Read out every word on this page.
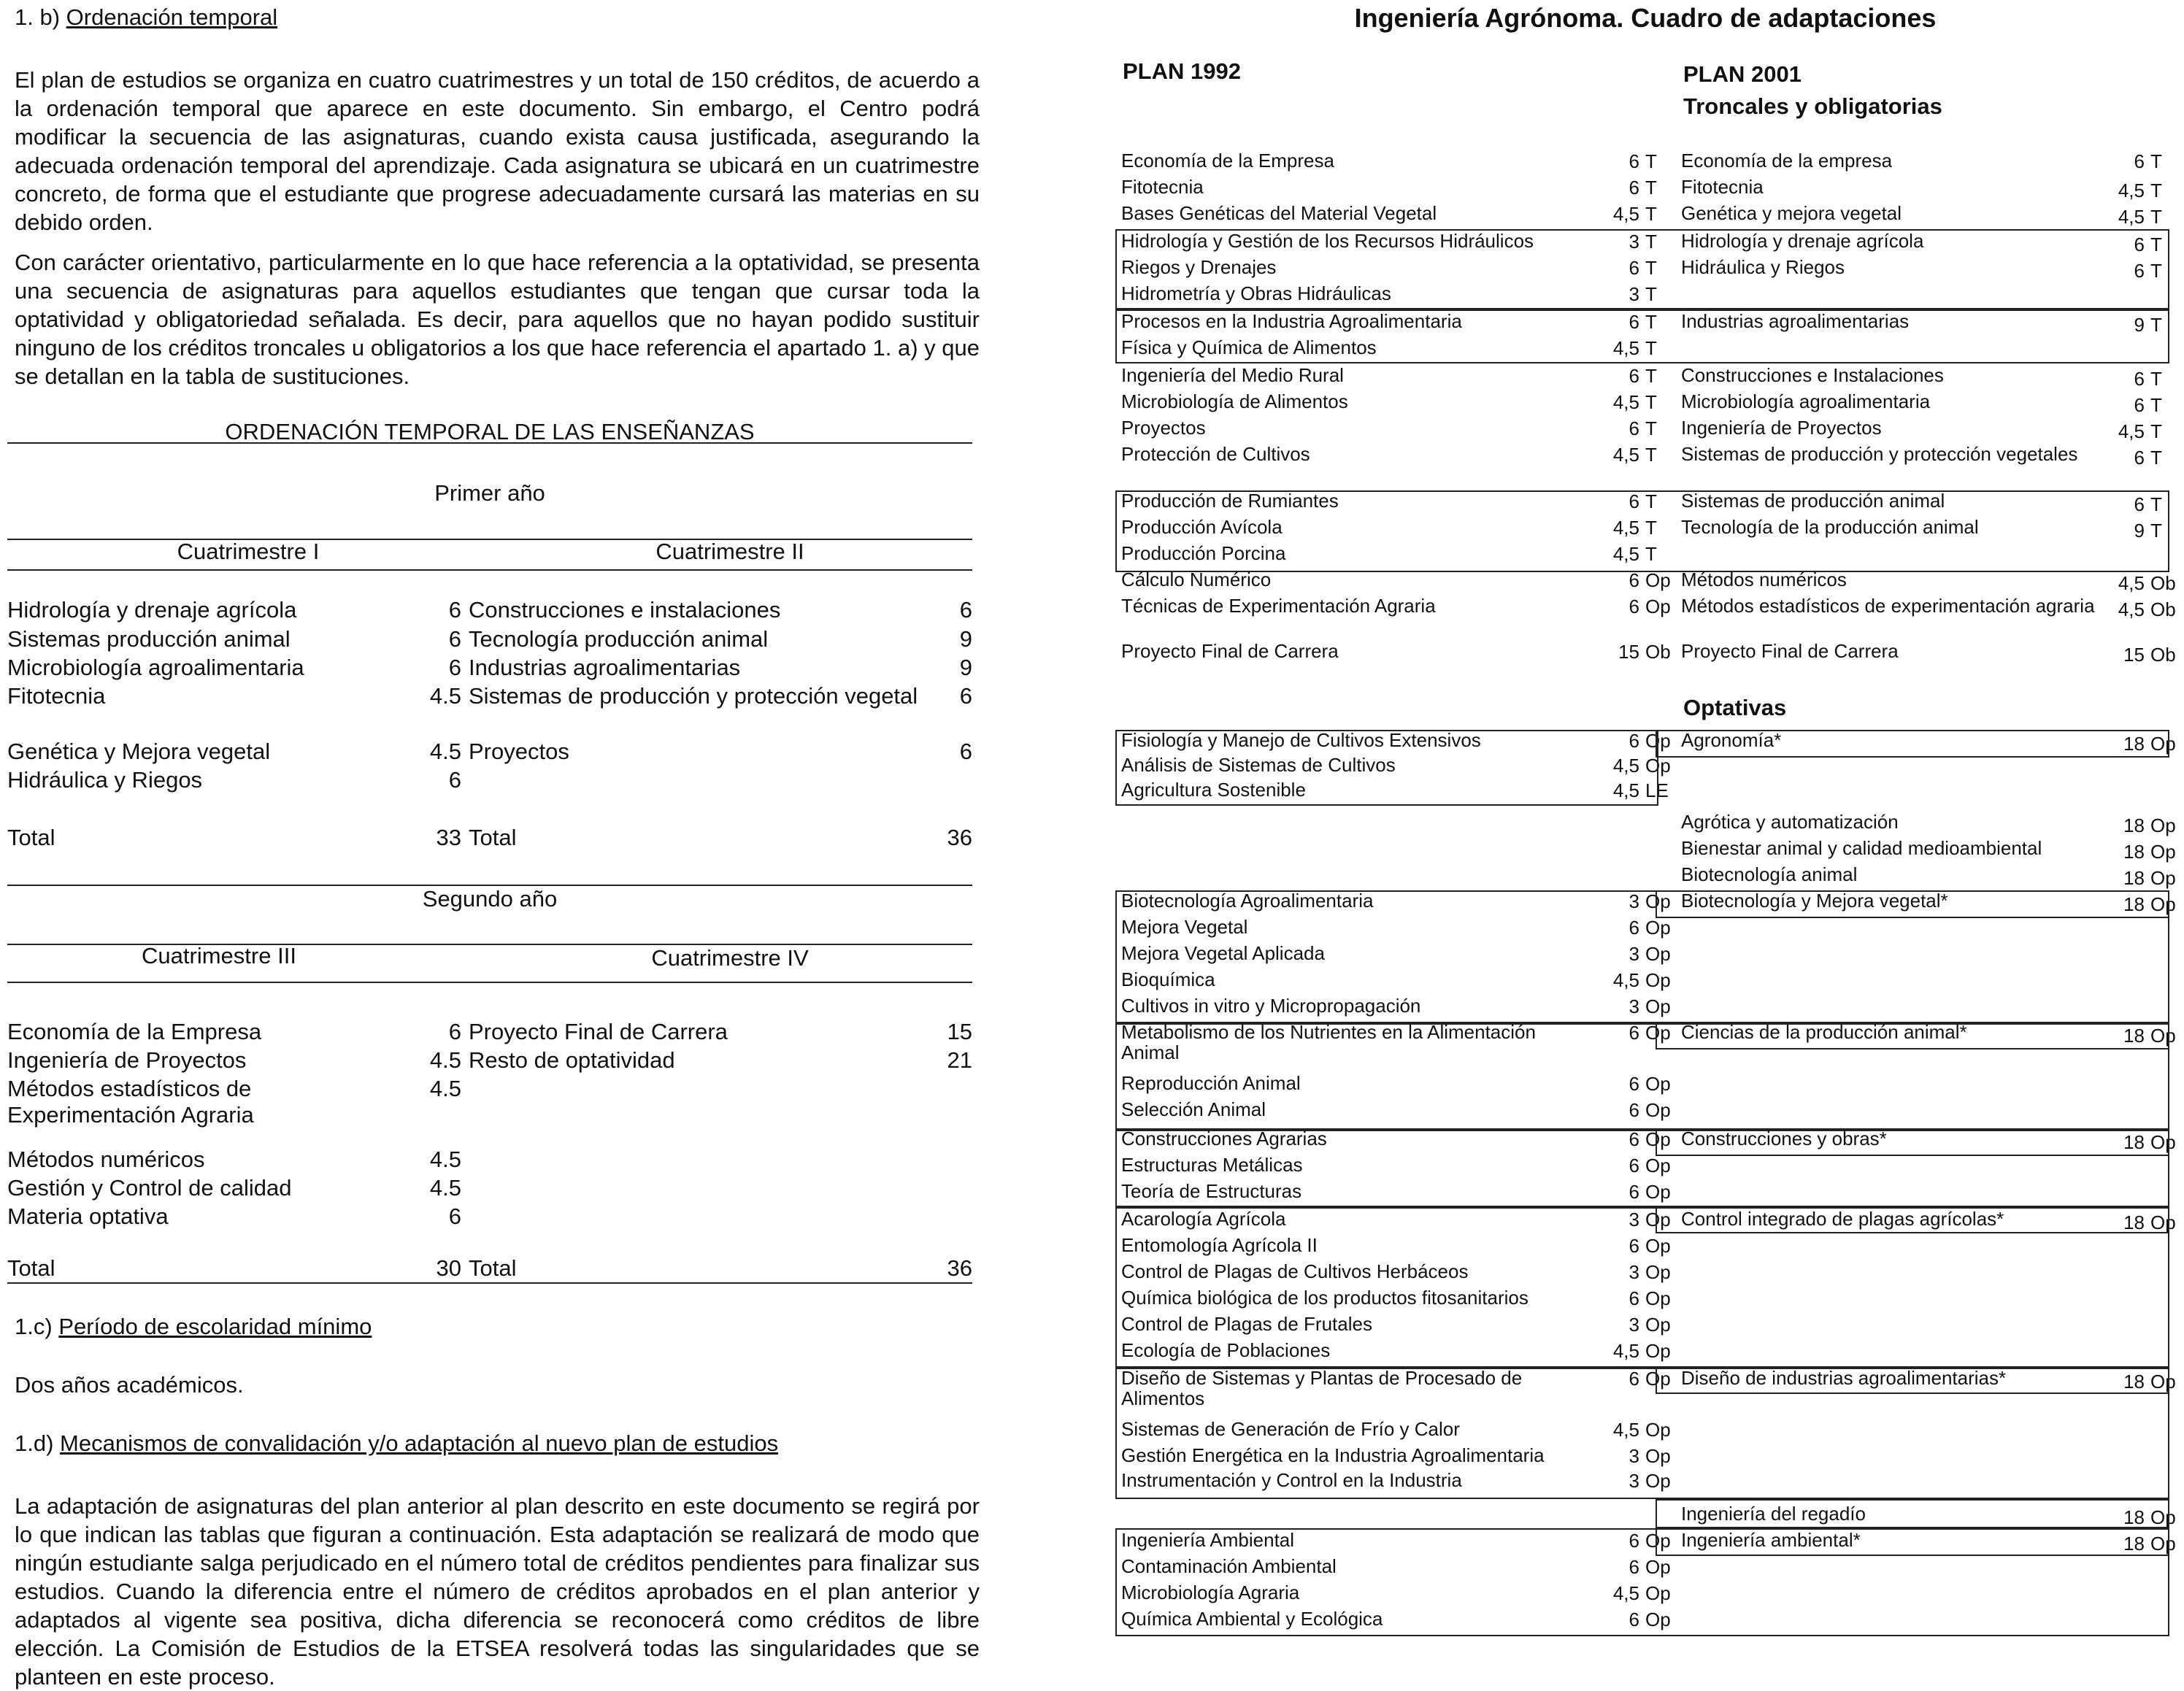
1. b) Ordenación temporal
El plan de estudios se organiza en cuatro cuatrimestres y un total de 150 créditos, de acuerdo a la ordenación temporal que aparece en este documento. Sin embargo, el Centro podrá modificar la secuencia de las asignaturas, cuando exista causa justificada, asegurando la adecuada ordenación temporal del aprendizaje. Cada asignatura se ubicará en un cuatrimestre concreto, de forma que el estudiante que progrese adecuadamente cursará las materias en su debido orden.
Con carácter orientativo, particularmente en lo que hace referencia a la optatividad, se presenta una secuencia de asignaturas para aquellos estudiantes que tengan que cursar toda la optatividad y obligatoriedad señalada. Es decir, para aquellos que no hayan podido sustituir ninguno de los créditos troncales u obligatorios a los que hace referencia el apartado 1. a) y que se detallan en la tabla de sustituciones.
ORDENACIÓN TEMPORAL DE LAS ENSEÑANZAS
Primer año
Cuatrimestre I	Cuatrimestre II
Hidrología y drenaje agrícola	6 Construcciones e instalaciones	6
Sistemas producción animal	6 Tecnología producción animal	9
Microbiología agroalimentaria	6 Industrias agroalimentarias	9
Fitotecnia	4.5 Sistemas de producción y protección vegetal	6
Genética y Mejora vegetal	4.5 Proyectos	6
Hidráulica y Riegos	6
Total	33 Total	36
Segundo año
Cuatrimestre III	Cuatrimestre IV
Economía de la Empresa	6 Proyecto Final de Carrera	15
Ingeniería de Proyectos	4.5 Resto de optatividad	21
Métodos estadísticos de Experimentación Agraria
4.5
Métodos numéricos	4.5
Gestión y Control de calidad	4.5
Materia optativa	6
Total	30 Total	36
1.c) Período de escolaridad mínimo
Dos años académicos.
1.d) Mecanismos de convalidación y/o adaptación al nuevo plan de estudios
La adaptación de asignaturas del plan anterior al plan descrito en este documento se regirá por lo que indican las tablas que figuran a continuación. Esta adaptación se realizará de modo que ningún estudiante salga perjudicado en el número total de créditos pendientes para finalizar sus estudios. Cuando la diferencia entre el número de créditos aprobados en el plan anterior y adaptados al vigente sea positiva, dicha diferencia se reconocerá como créditos de libre elección. La Comisión de Estudios de la ETSEA resolverá todas las singularidades que se planteen en este proceso.
Ingeniería Agrónoma. Cuadro de adaptaciones
PLAN 1992	PLAN 2001
Troncales y obligatorias
Optativas
Economía de la Empresa	6 T	Economía de la empresa	6 T
Fitotecnia	6 T	Fitotecnia	4,5 T
Bases Genéticas del Material Vegetal	4,5 T	Genética y mejora vegetal	4,5 T
Hidrología y Gestión de los Recursos Hidráulicos	3 T	Hidrología y drenaje agrícola	6 T
Riegos y Drenajes	6 T	Hidráulica y Riegos	6 T
Hidrometría y Obras Hidráulicas	3 T
Procesos en la Industria Agroalimentaria	6 T	Industrias agroalimentarias	9 T
Física y Química de Alimentos	4,5 T
Ingeniería del Medio Rural	6 T	Construcciones e Instalaciones	6 T
Microbiología de Alimentos	4,5 T	Microbiología agroalimentaria	6 T
Proyectos	6 T	Ingeniería de Proyectos	4,5 T
Protección de Cultivos	4,5 T	Sistemas de producción y protección vegetales	6 T
Producción de Rumiantes	6 T	Sistemas de producción animal	6 T
Producción Avícola	4,5 T	Tecnología de la producción animal	9 T
Producción Porcina	4,5 T
Cálculo Numérico	6 Op Métodos numéricos	4,5 Ob
Técnicas de Experimentación Agraria	6 Op Métodos estadísticos de experimentación agraria	4,5 Ob
Proyecto Final de Carrera	15 Ob Proyecto Final de Carrera	15 Ob
Fisiología y Manejo de Cultivos Extensivos	6 Op Agronomía*	18 Op
Análisis de Sistemas de Cultivos	4,5 Op
Agricultura Sostenible	4,5 LE
Agrótica y automatización	18 Op
Bienestar animal y calidad medioambiental	18 Op
Biotecnología animal	18 Op
Biotecnología Agroalimentaria	3 Op Biotecnología y Mejora vegetal*	18 Op
Mejora Vegetal	6 Op
Mejora Vegetal Aplicada	3 Op
Bioquímica	4,5 Op
Cultivos in vitro y Micropropagación	3 Op
Metabolismo de los Nutrientes en la Alimentación Animal
6 Op Ciencias de la producción animal*	18 Op
Reproducción Animal	6 Op
Selección Animal	6 Op
Construcciones Agrarias	6 Op Construcciones y obras*	18 Op
Estructuras Metálicas	6 Op
Teoría de Estructuras	6 Op
Acarología Agrícola	3 Op Control integrado de plagas agrícolas*	18 Op
Entomología Agrícola II	6 Op
Control de Plagas de Cultivos Herbáceos	3 Op
Química biológica de los productos fitosanitarios	6 Op
Control de Plagas de Frutales	3 Op
Ecología de Poblaciones	4,5 Op
Diseño de Sistemas y Plantas de Procesado de Alimentos
6 Op Diseño de industrias agroalimentarias*	18 Op
Sistemas de Generación de Frío y Calor	4,5 Op
Gestión Energética en la Industria Agroalimentaria	3 Op
Instrumentación y Control en la Industria	3 Op
Ingeniería del regadío	18 Op
Ingeniería Ambiental	6 Op Ingeniería ambiental*	18 Op
Contaminación Ambiental	6 Op
Microbiología Agraria	4,5 Op
Química Ambiental y Ecológica	6 Op
